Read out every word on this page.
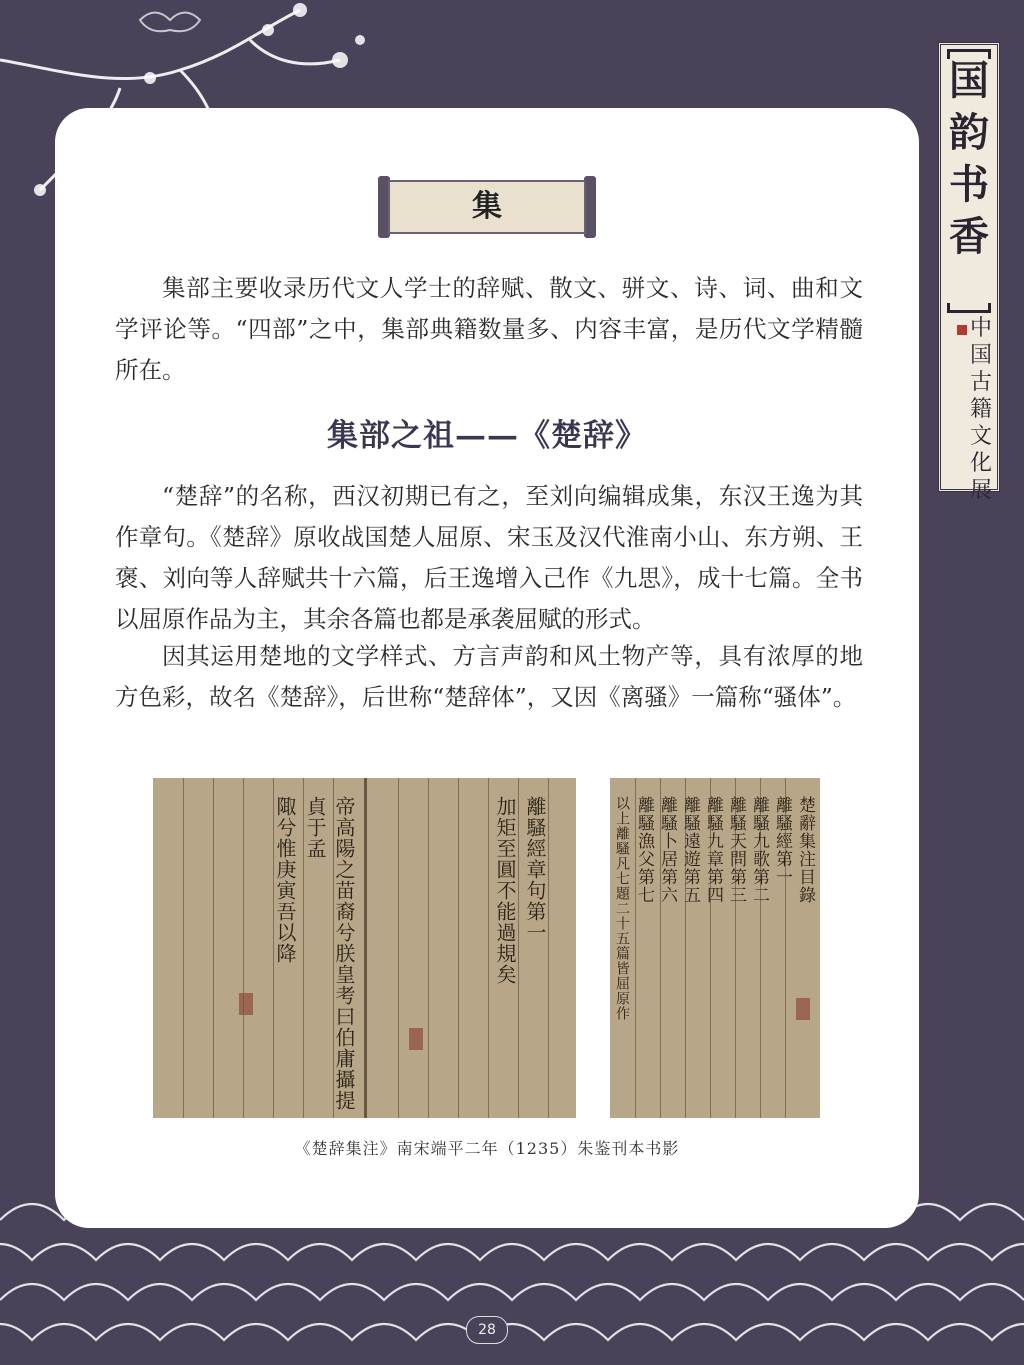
国
韵
书
香
中
国
古
籍
文
化
展
集

集部主要收录历代文人学士的辞赋、散文、骈文、诗、词、曲和文学评论等。“四部”之中，集部典籍数量多、内容丰富，是历代文学精髓所在。

集部之祖——《楚辞》

“楚辞”的名称，西汉初期已有之，至刘向编辑成集，东汉王逸为其作章句。《楚辞》原收战国楚人屈原、宋玉及汉代淮南小山、东方朔、王褒、刘向等人辞赋共十六篇，后王逸增入己作《九思》，成十七篇。全书以屈原作品为主，其余各篇也都是承袭屈赋的形式。

因其运用楚地的文学样式、方言声韵和风土物产等，具有浓厚的地方色彩，故名《楚辞》，后世称“楚辞体”，又因《离骚》一篇称“骚体”。

帝高陽之苗裔兮朕皇考曰伯庸攝提貞于孟
陬兮惟庚寅吾以降	離騷經章句第一
加矩至圓不能過規矣	楚辭集注目錄
離騷經第一
離騷九歌第二
離騷天問第三
離騷九章第四
離騷遠遊第五
離騷卜居第六
離騷漁父第七
以上離騷凡七題二十五篇皆屈原作
《楚辞集注》南宋端平二年（1235）朱鉴刊本书影
28
